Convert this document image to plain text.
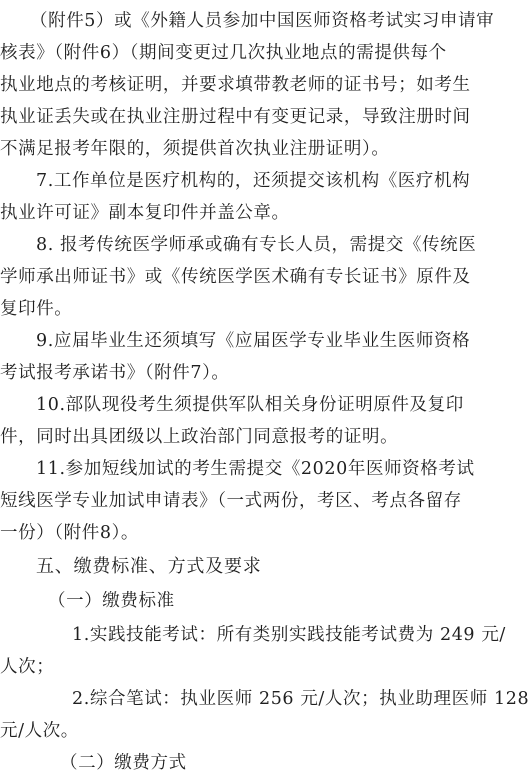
（附件5）或《外籍人员参加中国医师资格考试实习申请审
核表》（附件6）（期间变更过几次执业地点的需提供每个
执业地点的考核证明，并要求填带教老师的证书号；如考生
执业证丢失或在执业注册过程中有变更记录，导致注册时间
不满足报考年限的，须提供首次执业注册证明）。
7.工作单位是医疗机构的，还须提交该机构《医疗机构
执业许可证》副本复印件并盖公章。
8. 报考传统医学师承或确有专长人员，需提交《传统医
学师承出师证书》或《传统医学医术确有专长证书》原件及
复印件。
9.应届毕业生还须填写《应届医学专业毕业生医师资格
考试报考承诺书》（附件7）。
10.部队现役考生须提供军队相关身份证明原件及复印
件，同时出具团级以上政治部门同意报考的证明。
11.参加短线加试的考生需提交《2020年医师资格考试
短线医学专业加试申请表》（一式两份，考区、考点各留存
一份）（附件8）。
五、缴费标准、方式及要求
（一）缴费标准
1.实践技能考试：所有类别实践技能考试费为 249 元/
人次；
2.综合笔试：执业医师 256 元/人次；执业助理医师 128
元/人次。
（二）缴费方式
